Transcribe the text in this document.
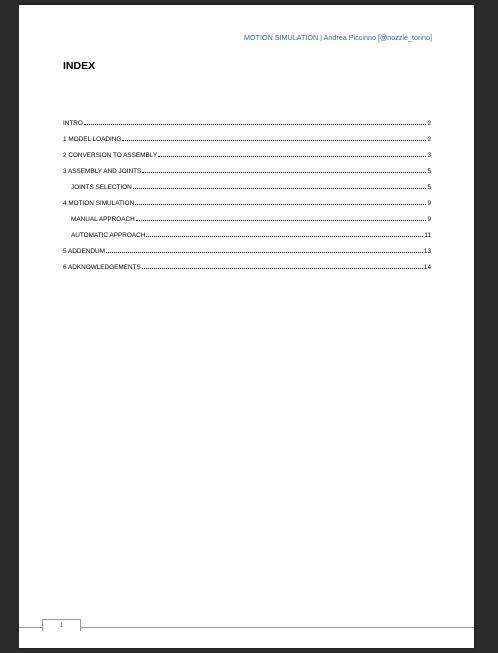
MOTION SIMULATION | Andrea Piccinno [@nozzle_torino]
INDEX
INTRO	2
1 MODEL LOADING	2
2 CONVERSION TO ASSEMBLY	3
3 ASSEMBLY AND JOINTS	5
JOINTS SELECTION	5
4 MOTION SIMULATION	9
MANUAL APPROACH	9
AUTOMATIC APPROACH	11
5 ADDENDUM	13
6 ADKNOWLEDGEMENTS	14
1
